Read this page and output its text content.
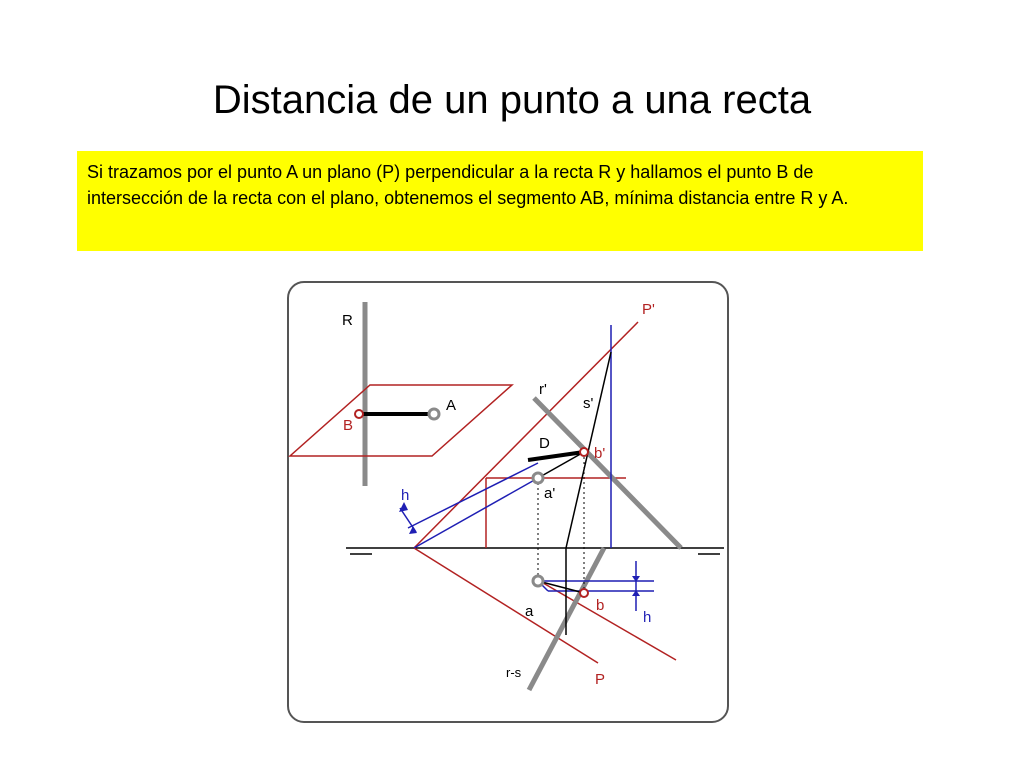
Distancia de un punto a una recta
Si trazamos por el punto A un plano (P) perpendicular a la recta R y hallamos el punto B de intersección de la recta con el plano, obtenemos el segmento AB, mínima distancia entre R y A.
R
A
B
P'
r'
s'
D
b'
a'
h
a	b
h
r-s	P
